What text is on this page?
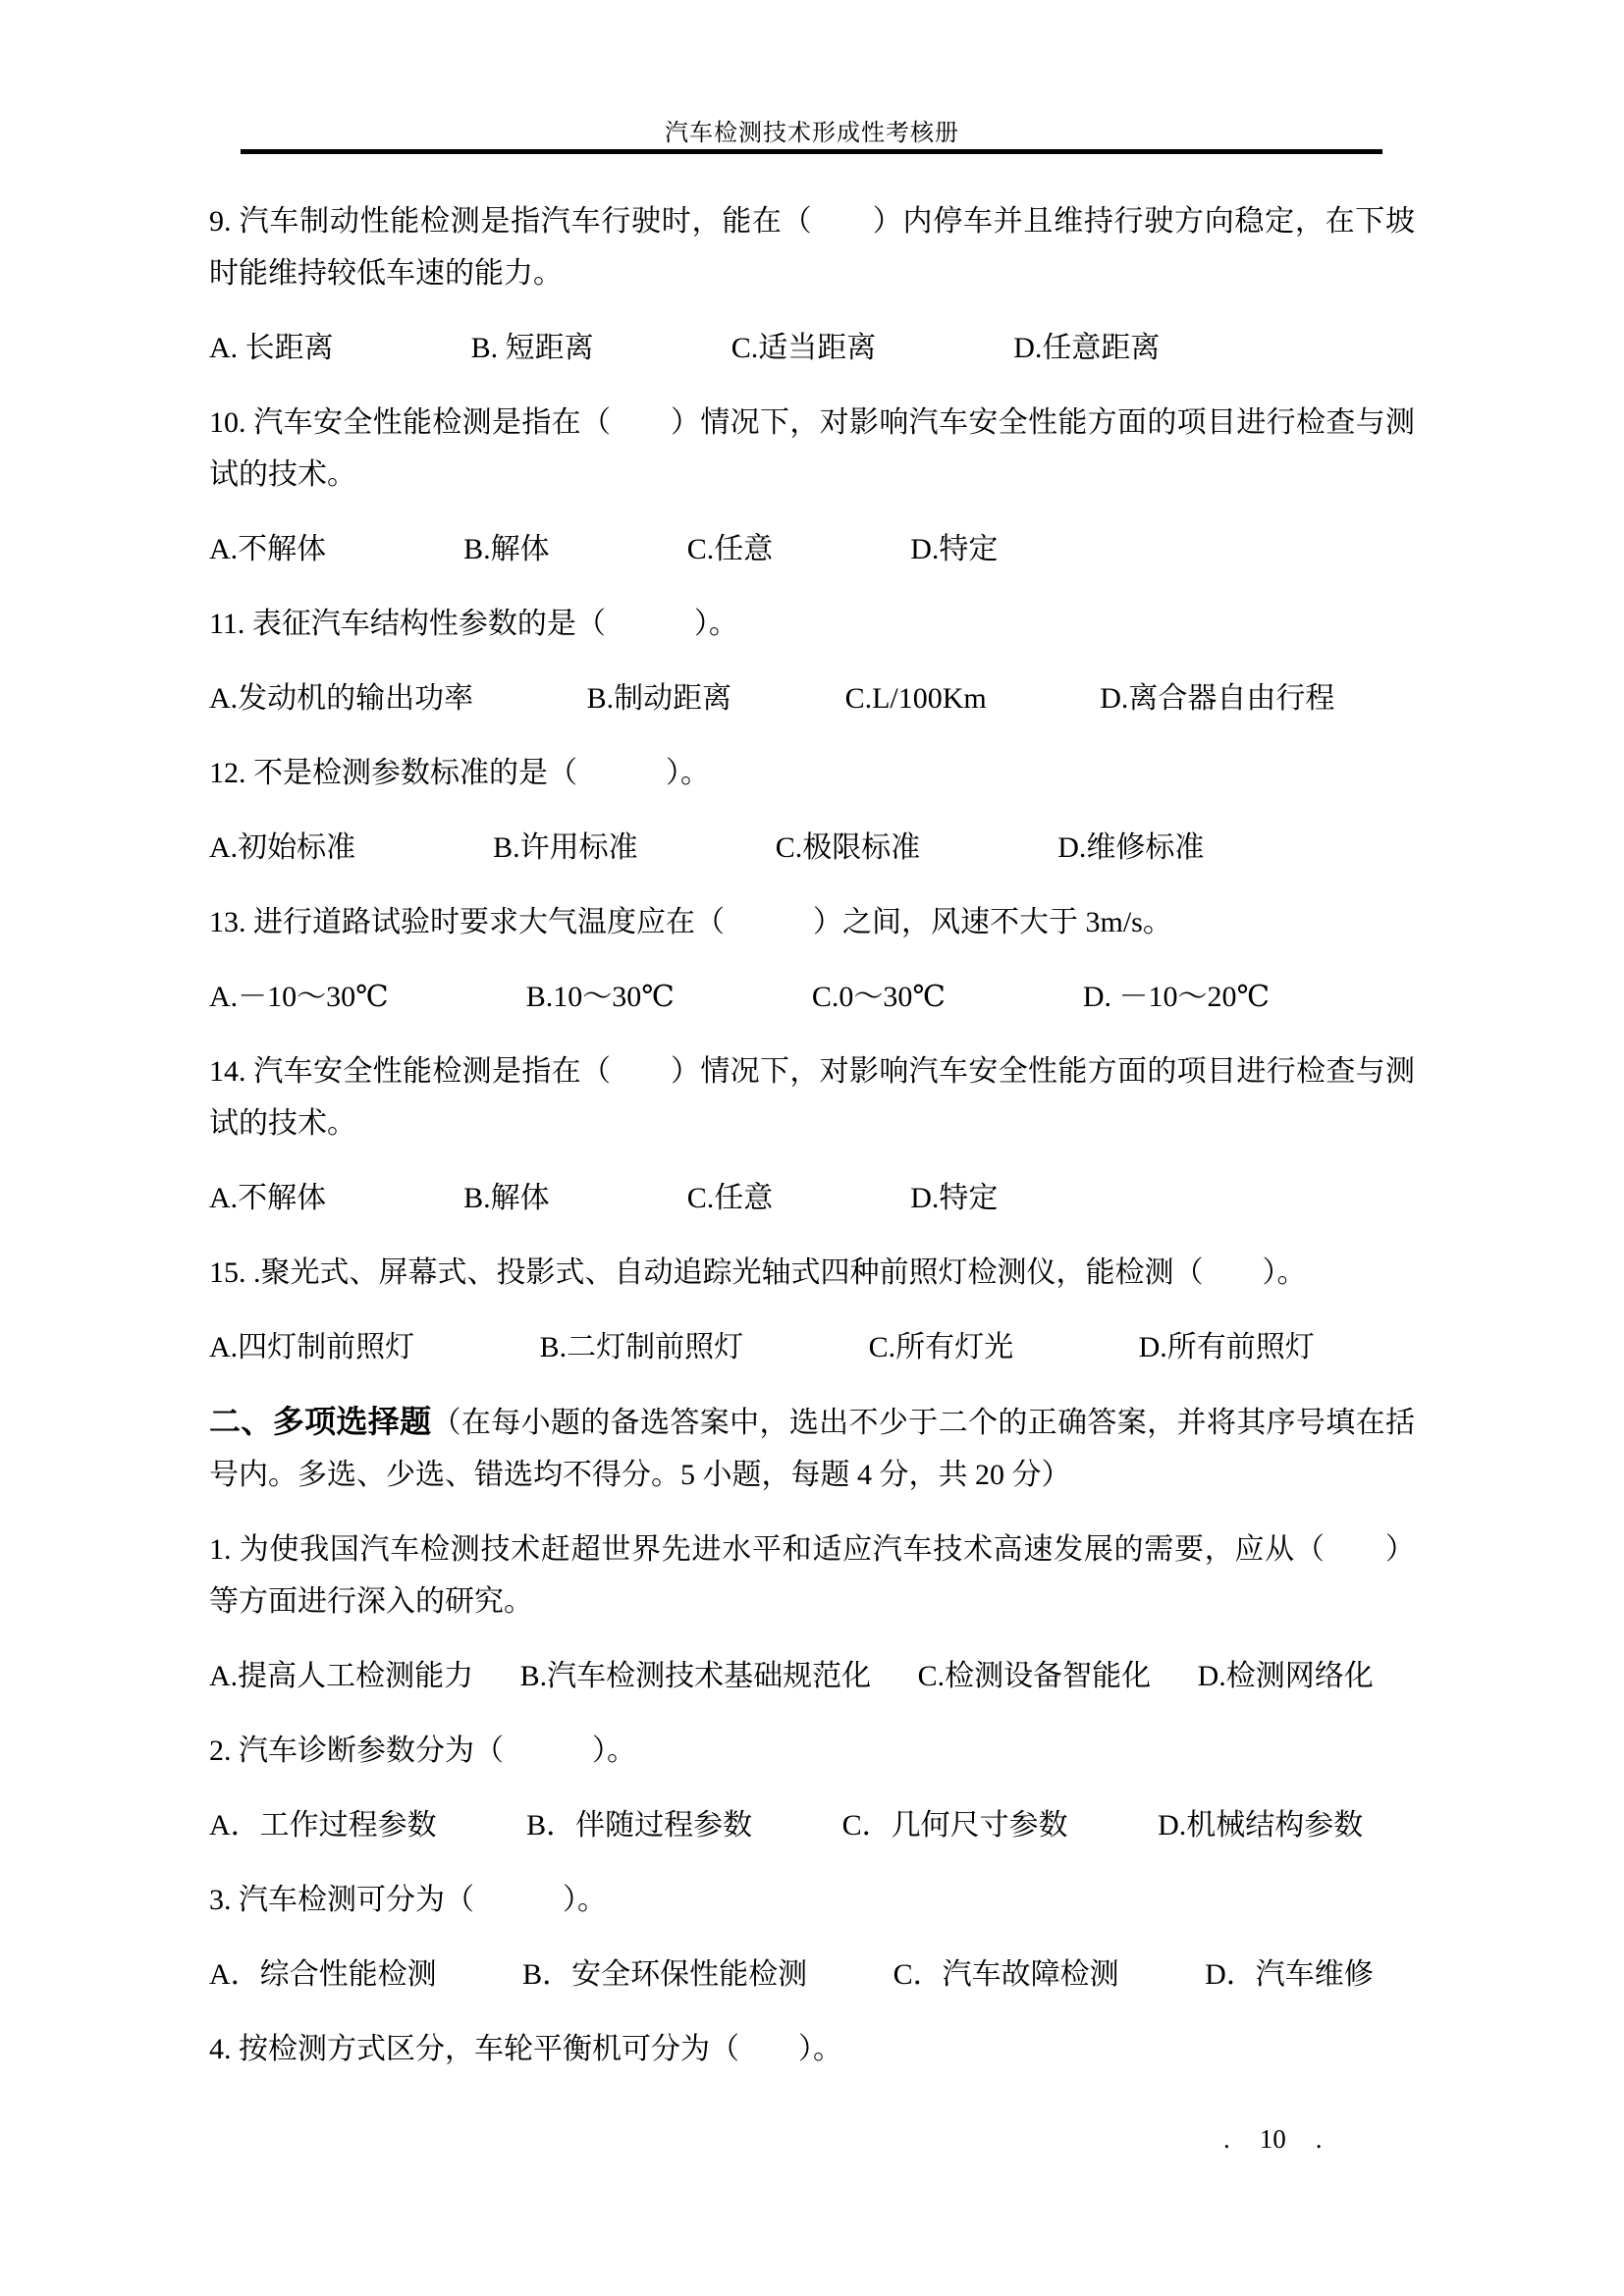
汽车检测技术形成性考核册

9. 汽车制动性能检测是指汽车行驶时，能在（　　）内停车并且维持行驶方向稳定，在下坡时能维持较低车速的能力。

A. 长距离	B. 短距离	C.适当距离	D.任意距离

10. 汽车安全性能检测是指在（　　）情况下，对影响汽车安全性能方面的项目进行检查与测试的技术。

A.不解体	B.解体	C.任意	D.特定

11. 表征汽车结构性参数的是（　　　）。

A.发动机的输出功率	B.制动距离	C.L/100Km	D.离合器自由行程

12. 不是检测参数标准的是（　　　）。

A.初始标准	B.许用标准	C.极限标准	D.维修标准

13. 进行道路试验时要求大气温度应在（　　　）之间，风速不大于 3m/s。

A.－10～30℃	B.10～30℃	C.0～30℃	D. －10～20℃

14. 汽车安全性能检测是指在（　　）情况下，对影响汽车安全性能方面的项目进行检查与测试的技术。

A.不解体	B.解体	C.任意	D.特定

15. .聚光式、屏幕式、投影式、自动追踪光轴式四种前照灯检测仪，能检测（　　）。

A.四灯制前照灯	B.二灯制前照灯	C.所有灯光	D.所有前照灯

二、多项选择题（在每小题的备选答案中，选出不少于二个的正确答案，并将其序号填在括号内。多选、少选、错选均不得分。5 小题，每题 4 分，共 20 分）

1. 为使我国汽车检测技术赶超世界先进水平和适应汽车技术高速发展的需要，应从（　　）等方面进行深入的研究。

A.提高人工检测能力 B.汽车检测技术基础规范化 C.检测设备智能化 D.检测网络化

2. 汽车诊断参数分为（　　　）。

A．工作过程参数	B．伴随过程参数	C．几何尺寸参数	D.机械结构参数

3. 汽车检测可分为（　　　）。

A．综合性能检测	B．安全环保性能检测	C．汽车故障检测	D．汽车维修

4. 按检测方式区分，车轮平衡机可分为（　　）。

. 10 .
